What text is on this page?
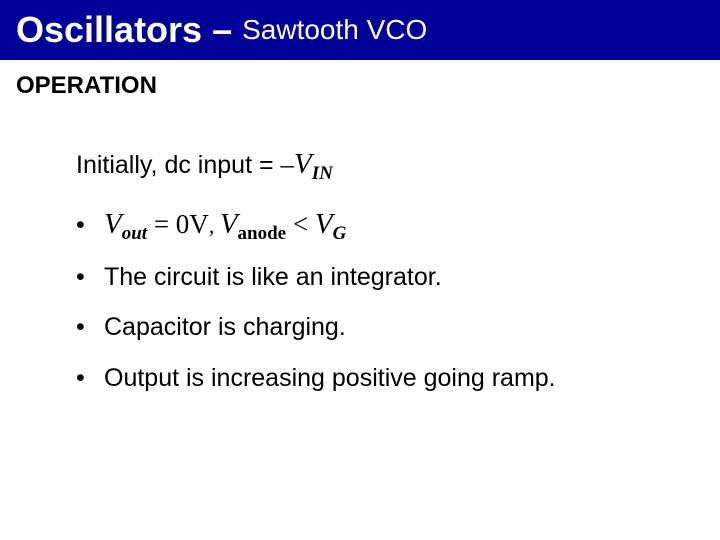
Oscillators – Sawtooth VCO
OPERATION
Initially, dc input = $-V_{IN}$
• $V_{out} = 0V$, $V_{anode} < V_G$
• The circuit is like an integrator.
• Capacitor is charging.
• Output is increasing positive going ramp.
